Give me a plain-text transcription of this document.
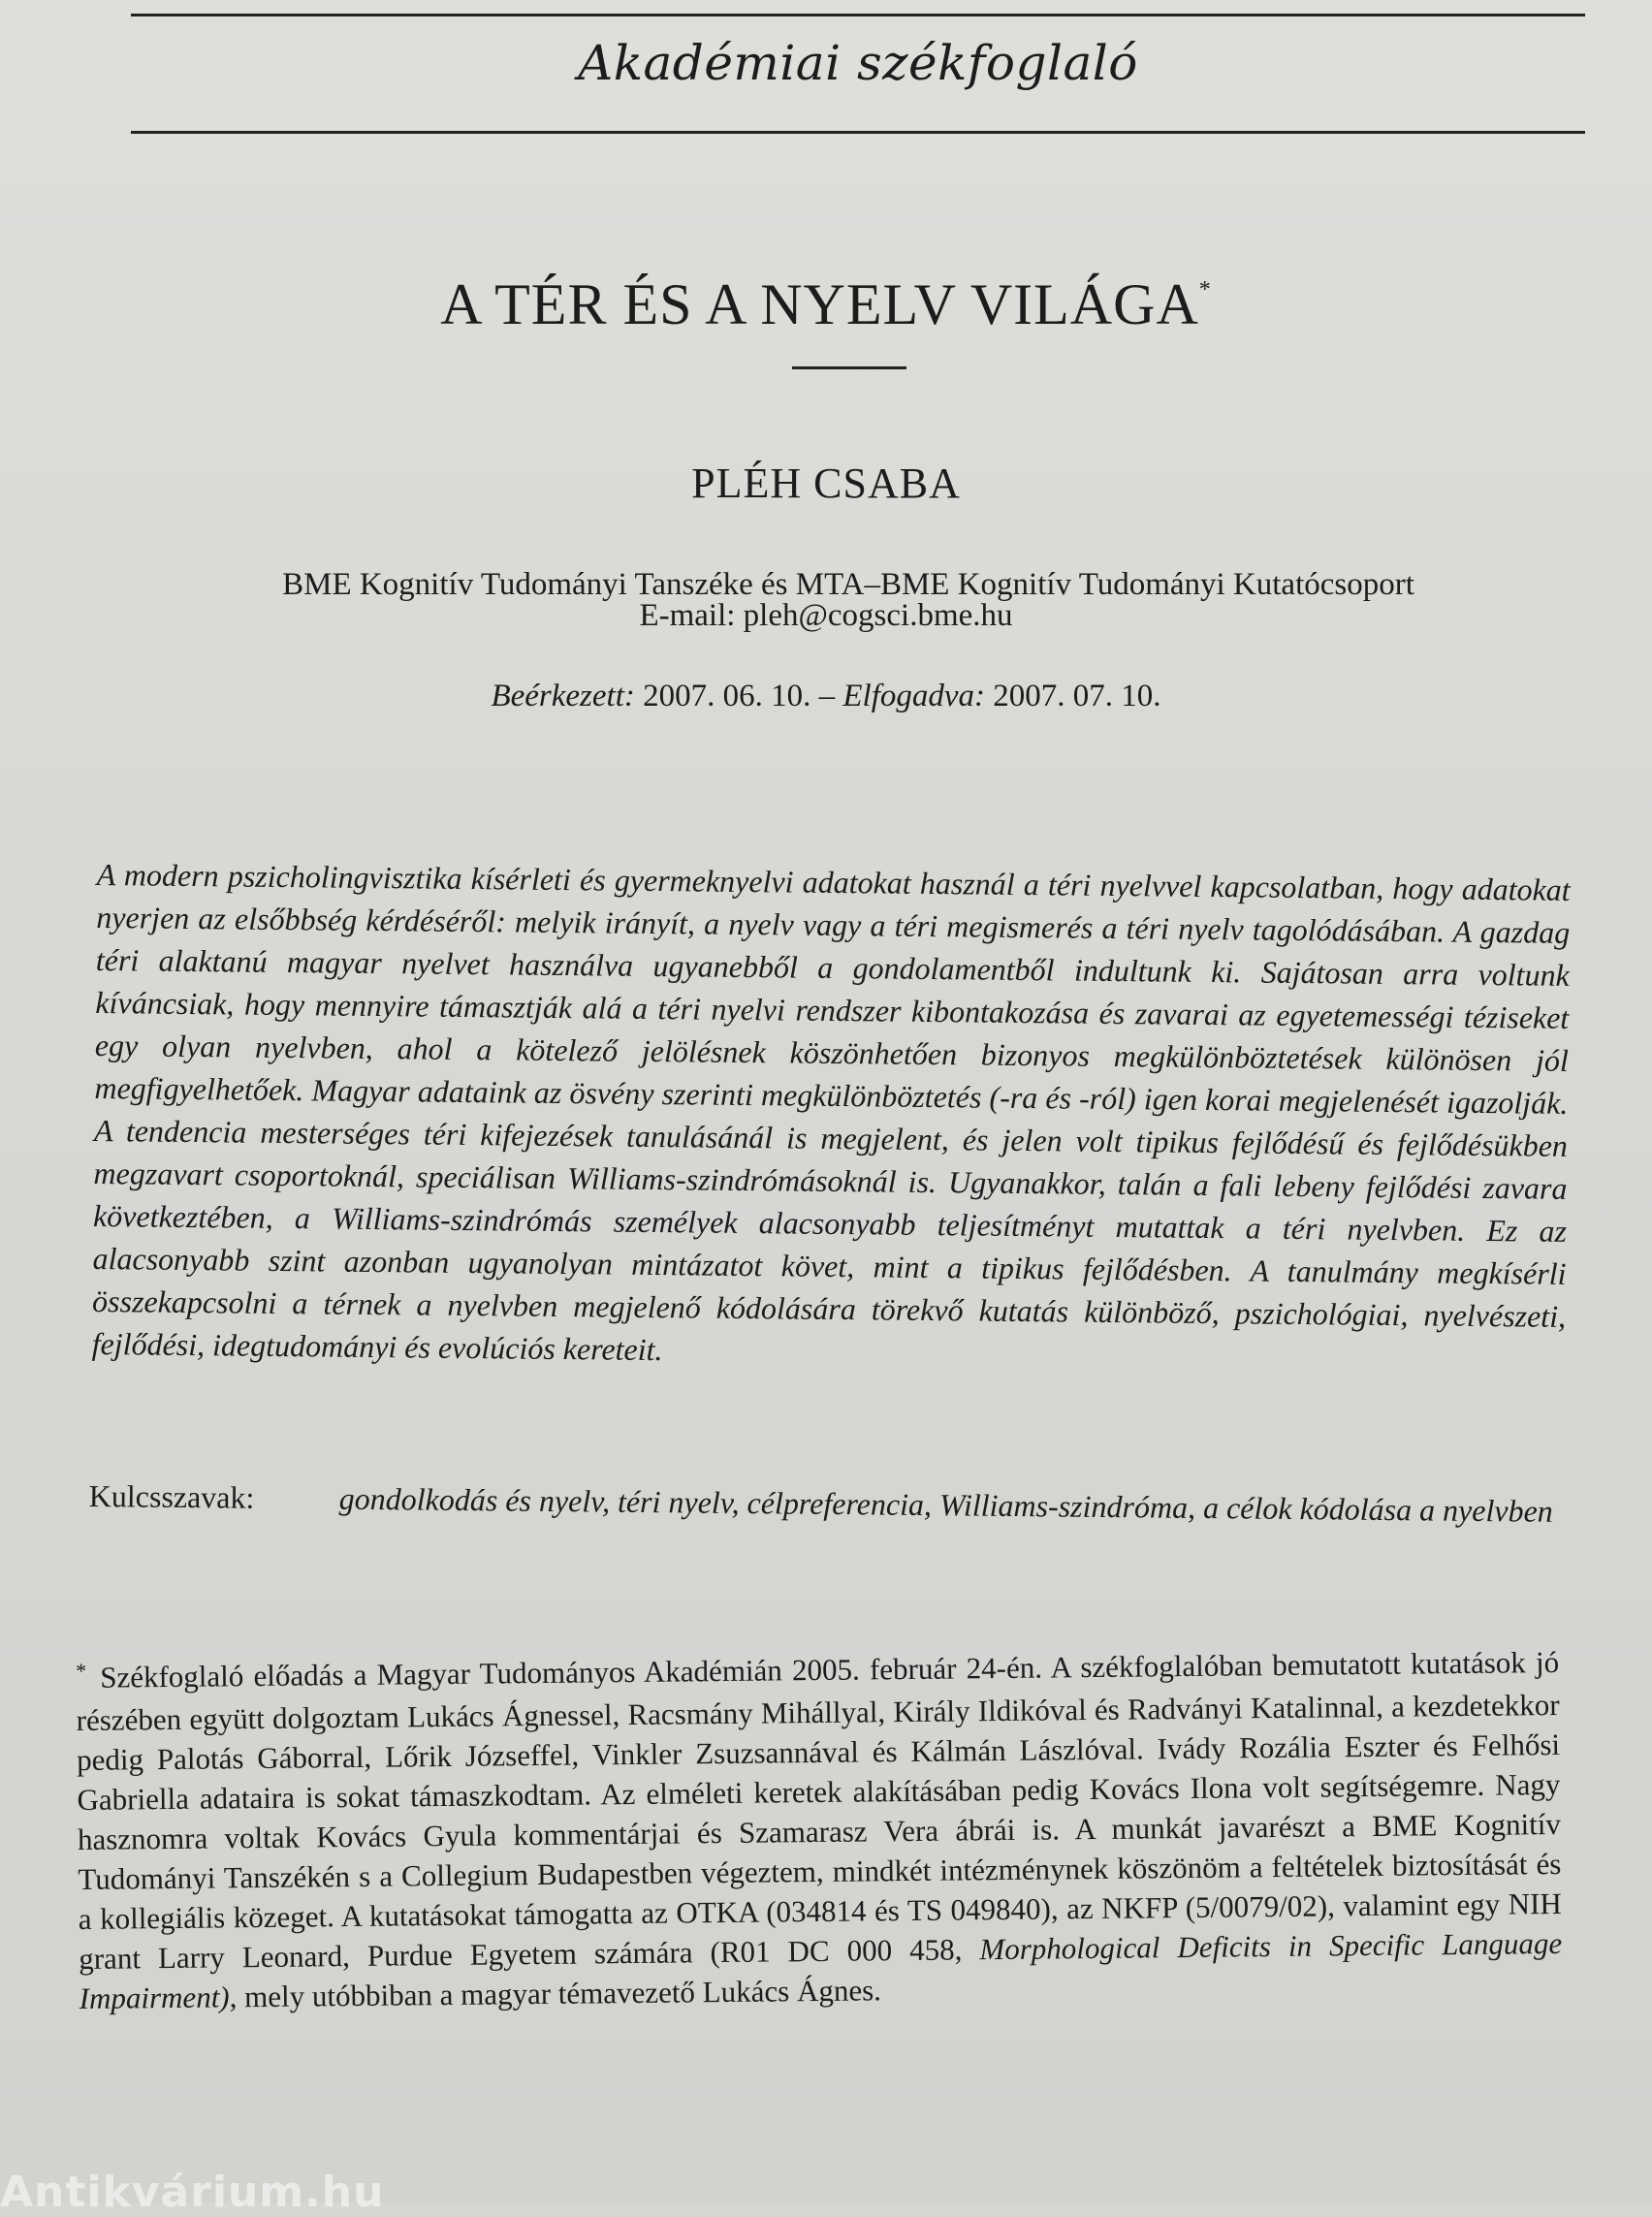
Akadémiai székfoglaló
A TÉR ÉS A NYELV VILÁGA*
PLÉH CSABA
BME Kognitív Tudományi Tanszéke és MTA–BME Kognitív Tudományi Kutatócsoport
E-mail: pleh@cogsci.bme.hu
Beérkezett: 2007. 06. 10. – Elfogadva: 2007. 07. 10.
A modern pszicholingvisztika kísérleti és gyermeknyelvi adatokat használ a téri nyelvvel kapcsolatban, hogy adatokat nyerjen az elsőbbség kérdéséről: melyik irányít, a nyelv vagy a téri megismerés a téri nyelv tagolódásában. A gazdag téri alaktanú magyar nyelvet használva ugyanebből a gondolamentből indultunk ki. Sajátosan arra voltunk kíváncsiak, hogy mennyire támasztják alá a téri nyelvi rendszer kibontakozása és zavarai az egyetemességi téziseket egy olyan nyelvben, ahol a kötelező jelölésnek köszönhetően bizonyos megkülönböztetések különösen jól megfigyelhetőek. Magyar adataink az ösvény szerinti megkülönböztetés (-ra és -ról) igen korai megjelenését igazolják. A tendencia mesterséges téri kifejezések tanulásánál is megjelent, és jelen volt tipikus fejlődésű és fejlődésükben megzavart csoportoknál, speciálisan Williams-szindrómásoknál is. Ugyanakkor, talán a fali lebeny fejlődési zavara következtében, a Williams-szindrómás személyek alacsonyabb teljesítményt mutattak a téri nyelvben. Ez az alacsonyabb szint azonban ugyanolyan mintázatot követ, mint a tipikus fejlődésben. A tanulmány megkísérli összekapcsolni a térnek a nyelvben megjelenő kódolására törekvő kutatás különböző, pszichológiai, nyelvészeti, fejlődési, idegtudományi és evolúciós kereteit.
Kulcsszavak:	gondolkodás és nyelv, téri nyelv, célpreferencia, Williams-szindróma, a célok kódolása a nyelvben
* Székfoglaló előadás a Magyar Tudományos Akadémián 2005. február 24-én. A székfoglalóban bemutatott kutatások jó részében együtt dolgoztam Lukács Ágnessel, Racsmány Mihállyal, Király Ildikóval és Radványi Katalinnal, a kezdetekkor pedig Palotás Gáborral, Lőrik Józseffel, Vinkler Zsuzsannával és Kálmán Lászlóval. Ivády Rozália Eszter és Felhősi Gabriella adataira is sokat támaszkodtam. Az elméleti keretek alakításában pedig Kovács Ilona volt segítségemre. Nagy hasznomra voltak Kovács Gyula kommentárjai és Szamarasz Vera ábrái is. A munkát javarészt a BME Kognitív Tudományi Tanszékén s a Collegium Budapestben végeztem, mindkét intézménynek köszönöm a feltételek biztosítását és a kollegiális közeget. A kutatásokat támogatta az OTKA (034814 és TS 049840), az NKFP (5/0079/02), valamint egy NIH grant Larry Leonard, Purdue Egyetem számára (R01 DC 000 458, Morphological Deficits in Specific Language Impairment), mely utóbbiban a magyar témavezető Lukács Ágnes.
Antikvárium.hu
